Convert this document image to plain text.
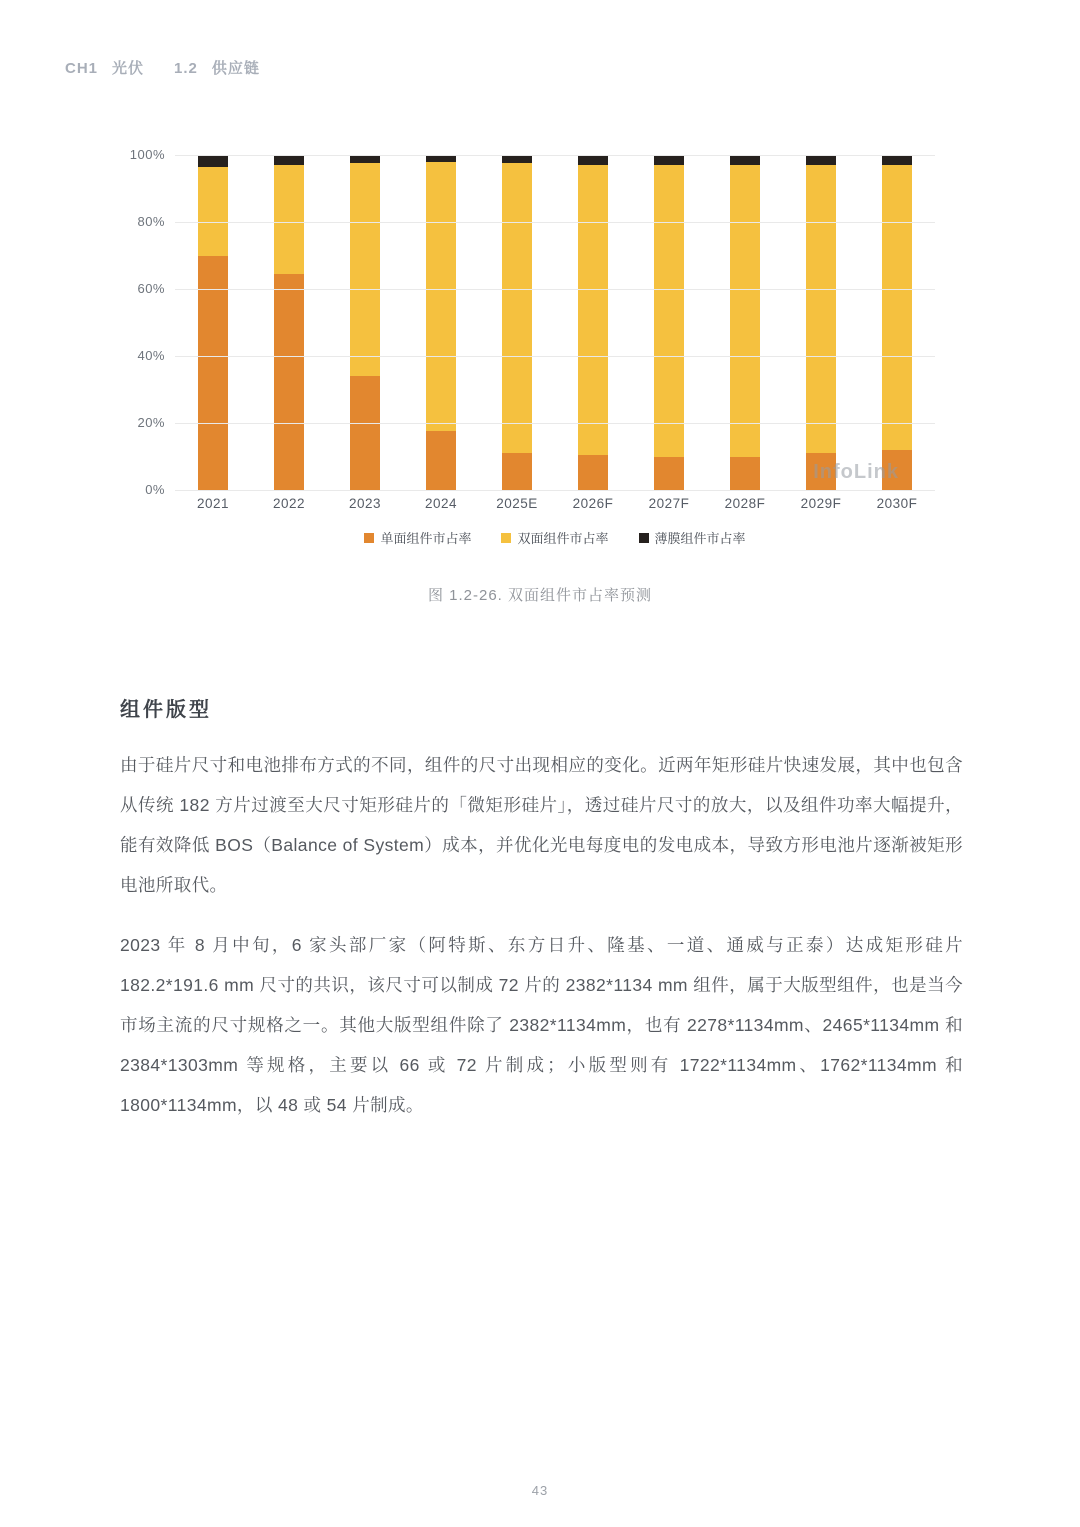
CH1 光伏 1.2 供应链
InfoLink
0%
20%
40%
60%
80%
100%
2021	2022	2023	2024	2025E	2026F	2027F	2028F	2029F	2030F
单面组件市占率	双面组件市占率	薄膜组件市占率
图 1.2-26. 双面组件市占率预测
组件版型

由于硅片尺寸和电池排布方式的不同，组件的尺寸出现相应的变化。近两年矩形硅片快速发展，其中也包含从传统 182 方片过渡至大尺寸矩形硅片的「微矩形硅片」，透过硅片尺寸的放大，以及组件功率大幅提升，能有效降低 BOS（Balance of System）成本，并优化光电每度电的发电成本，导致方形电池片逐渐被矩形电池所取代。

2023 年 8 月中旬，6 家头部厂家（阿特斯、东方日升、隆基、一道、通威与正泰）达成矩形硅片 182.2*191.6 mm 尺寸的共识，该尺寸可以制成 72 片的 2382*1134 mm 组件，属于大版型组件，也是当今市场主流的尺寸规格之一。其他大版型组件除了 2382*1134mm，也有 2278*1134mm、2465*1134mm 和 2384*1303mm 等规格，主要以 66 或 72 片制成；小版型则有 1722*1134mm、1762*1134mm 和 1800*1134mm，以 48 或 54 片制成。

43
